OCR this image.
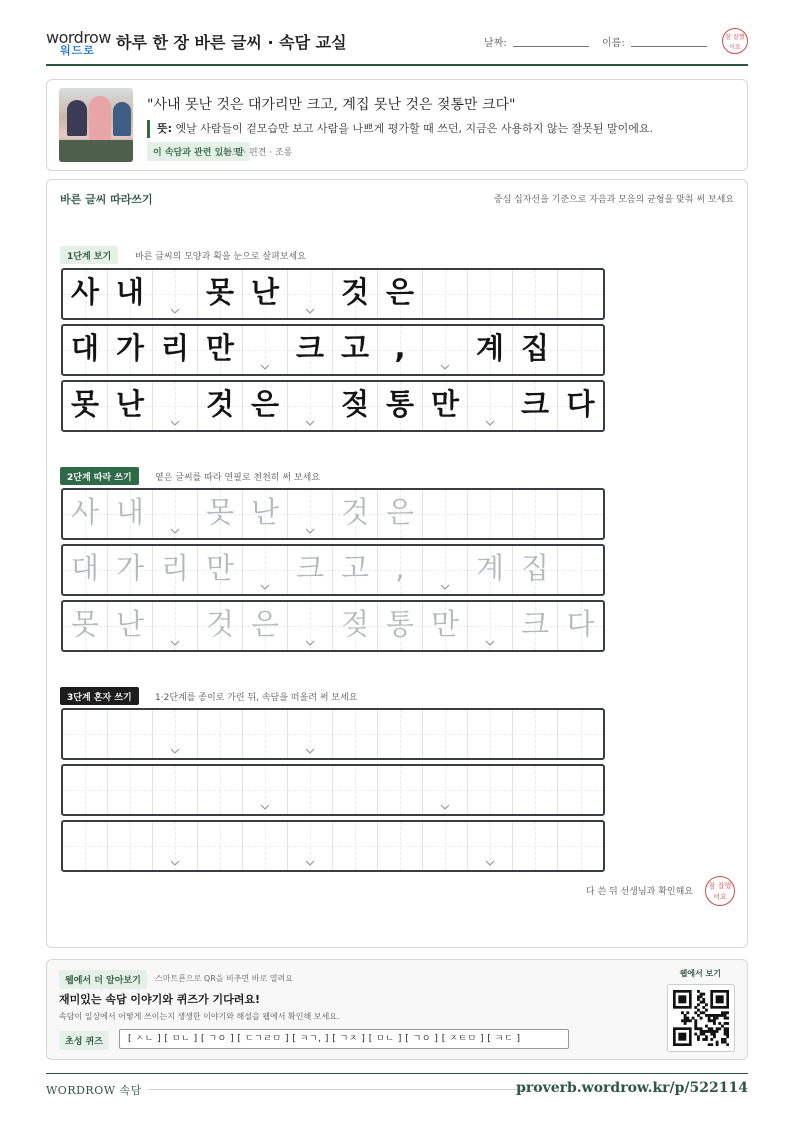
wordrow
워드로 하루 한 장 바른 글씨 · 속담 교실	날짜:	이름:
참 잘했어요
"사내 못난 것은 대가리만 크고, 계집 못난 것은 젖통만 크다"
뜻: 옛날 사람들이 겉모습만 보고 사람을 나쁘게 평가할 때 쓰던, 지금은 사용하지 않는 잘못된 말이에요.
이 속담과 관련 있는 말
외모 · 편견 · 조롱
바른 글씨 따라쓰기	중심 십자선을 기준으로 자음과 모음의 균형을 맞춰 써 보세요
1단계 보기	바른 글씨의 모양과 획을 눈으로 살펴보세요
2단계 따라 쓰기	옅은 글씨를 따라 연필로 천천히 써 보세요
3단계 혼자 쓰기	1·2단계를 종이로 가린 뒤, 속담을 떠올려 써 보세요
사 내 못 난 것 은
대 가 리 만 크 고 ,	계 집
못 난 것 은 젖 통 만 크 다
사 내 못 난 것 은
대 가 리 만 크 고 ,	계 집
못 난 것 은 젖 통 만 크 다
다 쓴 뒤 선생님과 확인해요
참 잘했어요
웹에서 더 알아보기	스마트폰으로 QR을 비추면 바로 열려요
재미있는 속담 이야기와 퀴즈가 기다려요!
속담이 일상에서 어떻게 쓰이는지 생생한 이야기와 해설을 웹에서 확인해 보세요.
초성 퀴즈	[ ㅅㄴ ] [ ㅁㄴ ] [ ㄱㅇ ] [ ㄷㄱㄹㅁ ] [ ㅋㄱ, ] [ ㄱㅈ ] [ ㅁㄴ ] [ ㄱㅇ ] [ ㅈㅌㅁ ] [ ㅋㄷ ]
웹에서 보기
WORDROW 속담	proverb.wordrow.kr/p/522114
